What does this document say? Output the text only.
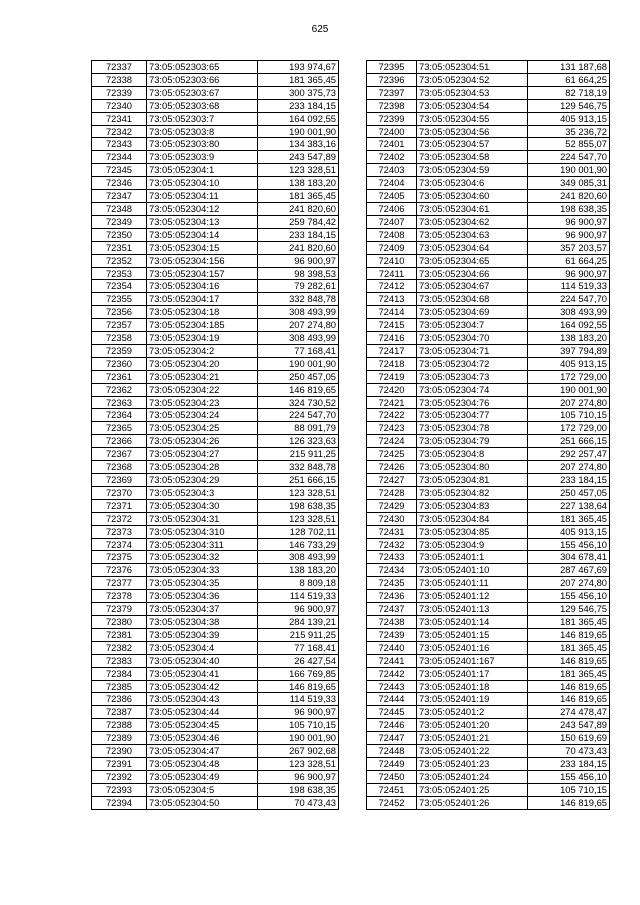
625
72337	73:05:052303:65	193 974,67
72338	73:05:052303:66	181 365,45
72339	73:05:052303:67	300 375,73
72340	73:05:052303:68	233 184,15
72341	73:05:052303:7	164 092,55
72342	73:05:052303:8	190 001,90
72343	73:05:052303:80	134 383,16
72344	73:05:052303:9	243 547,89
72345	73:05:052304:1	123 328,51
72346	73:05:052304:10	138 183,20
72347	73:05:052304:11	181 365,45
72348	73:05:052304:12	241 820,60
72349	73:05:052304:13	259 784,42
72350	73:05:052304:14	233 184,15
72351	73:05:052304:15	241 820,60
72352	73:05:052304:156	96 900,97
72353	73:05:052304:157	98 398,53
72354	73:05:052304:16	79 282,61
72355	73:05:052304:17	332 848,78
72356	73:05:052304:18	308 493,99
72357	73:05:052304:185	207 274,80
72358	73:05:052304:19	308 493,99
72359	73:05:052304:2	77 168,41
72360	73:05:052304:20	190 001,90
72361	73:05:052304:21	250 457,05
72362	73:05:052304:22	146 819,65
72363	73:05:052304:23	324 730,52
72364	73:05:052304:24	224 547,70
72365	73:05:052304:25	88 091,79
72366	73:05:052304:26	126 323,63
72367	73:05:052304:27	215 911,25
72368	73:05:052304:28	332 848,78
72369	73:05:052304:29	251 666,15
72370	73:05:052304:3	123 328,51
72371	73:05:052304:30	198 638,35
72372	73:05:052304:31	123 328,51
72373	73:05:052304:310	128 702,11
72374	73:05:052304:311	146 733,29
72375	73:05:052304:32	308 493,99
72376	73:05:052304:33	138 183,20
72377	73:05:052304:35	8 809,18
72378	73:05:052304:36	114 519,33
72379	73:05:052304:37	96 900,97
72380	73:05:052304:38	284 139,21
72381	73:05:052304:39	215 911,25
72382	73:05:052304:4	77 168,41
72383	73:05:052304:40	26 427,54
72384	73:05:052304:41	166 769,85
72385	73:05:052304:42	146 819,65
72386	73:05:052304:43	114 519,33
72387	73:05:052304:44	96 900,97
72388	73:05:052304:45	105 710,15
72389	73:05:052304:46	190 001,90
72390	73:05:052304:47	267 902,68
72391	73:05:052304:48	123 328,51
72392	73:05:052304:49	96 900,97
72393	73:05:052304:5	198 638,35
72394	73:05:052304:50	70 473,43
72395	73:05:052304:51	131 187,68
72396	73:05:052304:52	61 664,25
72397	73:05:052304:53	82 718,19
72398	73:05:052304:54	129 546,75
72399	73:05:052304:55	405 913,15
72400	73:05:052304:56	35 236,72
72401	73:05:052304:57	52 855,07
72402	73:05:052304:58	224 547,70
72403	73:05:052304:59	190 001,90
72404	73:05:052304:6	349 085,31
72405	73:05:052304:60	241 820,60
72406	73:05:052304:61	198 638,35
72407	73:05:052304:62	96 900,97
72408	73:05:052304:63	96 900,97
72409	73:05:052304:64	357 203,57
72410	73:05:052304:65	61 664,25
72411	73:05:052304:66	96 900,97
72412	73:05:052304:67	114 519,33
72413	73:05:052304:68	224 547,70
72414	73:05:052304:69	308 493,99
72415	73:05:052304:7	164 092,55
72416	73:05:052304:70	138 183,20
72417	73:05:052304:71	397 794,89
72418	73:05:052304:72	405 913,15
72419	73:05:052304:73	172 729,00
72420	73:05:052304:74	190 001,90
72421	73:05:052304:76	207 274,80
72422	73:05:052304:77	105 710,15
72423	73:05:052304:78	172 729,00
72424	73:05:052304:79	251 666,15
72425	73:05:052304:8	292 257,47
72426	73:05:052304:80	207 274,80
72427	73:05:052304:81	233 184,15
72428	73:05:052304:82	250 457,05
72429	73:05:052304:83	227 138,64
72430	73:05:052304:84	181 365,45
72431	73:05:052304:85	405 913,15
72432	73:05:052304:9	155 456,10
72433	73:05:052401:1	304 678,41
72434	73:05:052401:10	287 467,69
72435	73:05:052401:11	207 274,80
72436	73:05:052401:12	155 456,10
72437	73:05:052401:13	129 546,75
72438	73:05:052401:14	181 365,45
72439	73:05:052401:15	146 819,65
72440	73:05:052401:16	181 365,45
72441	73:05:052401:167	146 819,65
72442	73:05:052401:17	181 365,45
72443	73:05:052401:18	146 819,65
72444	73:05:052401:19	146 819,65
72445	73:05:052401:2	274 478,47
72446	73:05:052401:20	243 547,89
72447	73:05:052401:21	150 619,69
72448	73:05:052401:22	70 473,43
72449	73:05:052401:23	233 184,15
72450	73:05:052401:24	155 456,10
72451	73:05:052401:25	105 710,15
72452	73:05:052401:26	146 819,65
